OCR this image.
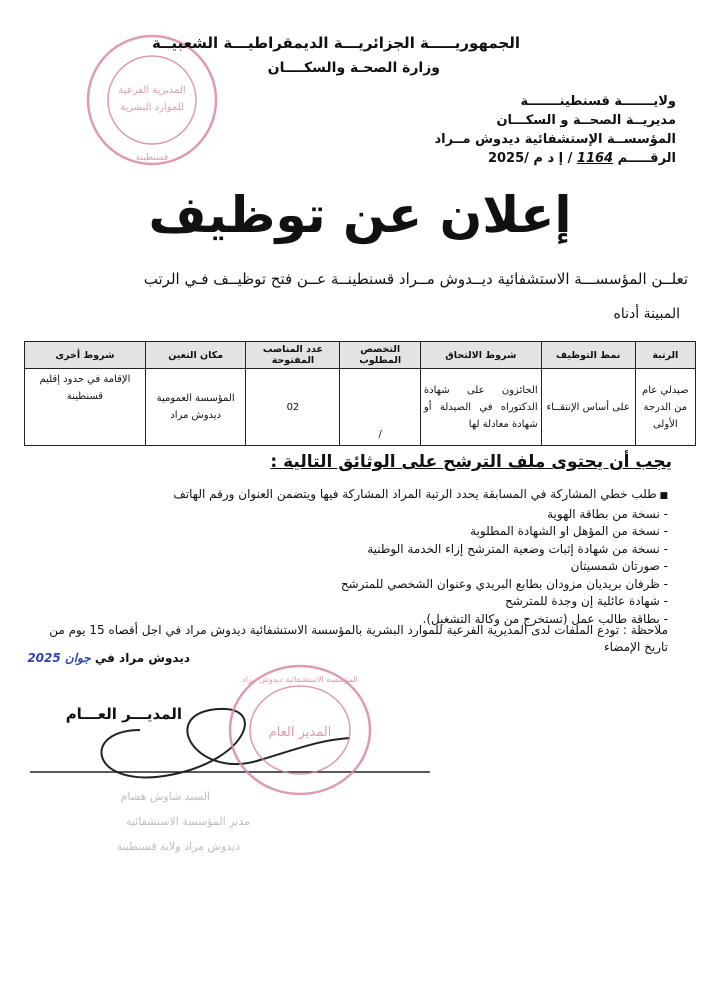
المديرية الفرعية
للموارد البشرية
قسنطينة
الجمهوريـــــة الجزائريـــة الديمقراطيـــة الشعبيــة
وزارة الصحـة والسكــــان
ولايـــــــة قسنطينـــــــة
مديريــة الصحــة و السكـــان
المؤسســة الإستشفائية ديدوش مــراد
الرقـــــم 1164 / إ د م /2025
إعلان عن توظيف
تعلــن المؤسســـة الاستشفائية ديــدوش مــراد قسنطينــة عــن فتح توظيــف فـي الرتب
المبينة أدناه
الرتبة	نمط التوظيف	شروط الالتحاق	التخصص المطلوب	عدد المناصب المفتوحة	مكان التعين	شروط أخرى
صيدلي عام من الدرجة الأولى	على أساس الإنتقــاء	الحائزون على شهادة الدكتوراه في الصيدلة أو شهادة معادلة لها	/	02	المؤسسة العمومية ديدوش مراد	الإقامة في حدود إقليم قسنطينة
يجب أن يحتوى ملف الترشح على الوثائق التالية :
■ طلب خطي المشاركة في المسابقة يحدد الرتبة المراد المشاركة فيها ويتضمن العنوان ورقم الهاتف
- نسخة من بطاقة الهوية
- نسخة من المؤهل او الشهادة المطلوبة
- نسخة من شهادة إثبات وضعية المترشح إزاء الخدمة الوطنية
- صورتان شمسيتان
- ظرفان بريديان مزودان بطابع البريدي وعنوان الشخصي للمترشح
- شهادة عائلية إن وجدة للمترشح
- بطاقة طالب عمل (تستخرج من وكالة التشغيل).
ملاحظة : تودع الملفات لدى المديرية الفرعية للموارد البشرية بالمؤسسة الاستشفائية ديدوش مراد في اجل أقصاه 15 يوم من تاريخ الإمضاء
ديدوش مراد في جوان 2025
المديـــر العـــام
المدير العام
المؤسسة الاستشفائية ديدوش مراد
السيد شاوش هشام
مدير المؤسسة الاستشفائية
ديدوش مراد ولاية قسنطينة
